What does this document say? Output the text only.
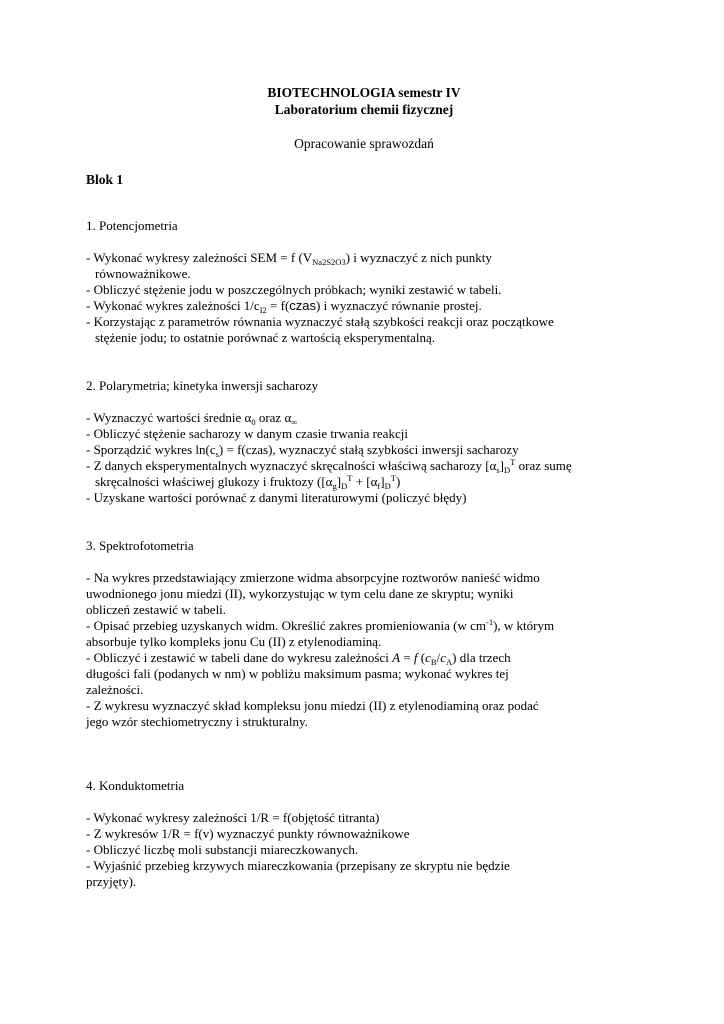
BIOTECHNOLOGIA semestr IV
Laboratorium chemii fizycznej
Opracowanie sprawozdań
Blok 1
1. Potencjometria
- Wykonać wykresy zależności SEM = f $(V_{Na2S2O3})$ i wyznaczyć z nich punkty
równoważnikowe.
- Obliczyć stężenie jodu w poszczególnych próbkach; wyniki zestawić w tabeli.
- Wykonać wykres zależności $1/c_{I2}$ = f(czas) i wyznaczyć równanie prostej.
- Korzystając z parametrów równania wyznaczyć stałą szybkości reakcji oraz początkowe
stężenie jodu; to ostatnie porównać z wartością eksperymentalną.
2. Polarymetria; kinetyka inwersji sacharozy
- Wyznaczyć wartości średnie $\alpha_0$ oraz $\alpha_\infty$
- Obliczyć stężenie sacharozy w danym czasie trwania reakcji
- Sporządzić wykres $\ln(c_s)$ = f(czas), wyznaczyć stałą szybkości inwersji sacharozy
- Z danych eksperymentalnych wyznaczyć skręcalności właściwą sacharozy $[\alpha_s]_D^T$ oraz sumę
skręcalności właściwej glukozy i fruktozy $([\alpha_g]_D^T + [\alpha_f]_D^T)$
- Uzyskane wartości porównać z danymi literaturowymi (policzyć błędy)
3. Spektrofotometria
- Na wykres przedstawiający zmierzone widma absorpcyjne roztworów nanieść widmo
uwodnionego jonu miedzi (II), wykorzystując w tym celu dane ze skryptu; wyniki
obliczeń zestawić w tabeli.
- Opisać przebieg uzyskanych widm. Określić zakres promieniowania (w $cm^{-1}$), w którym
absorbuje tylko kompleks jonu Cu (II) z etylenodiaminą.
- Obliczyć i zestawić w tabeli dane do wykresu zależności A = f $(c_B/c_A)$ dla trzech
długości fali (podanych w nm) w pobliżu maksimum pasma; wykonać wykres tej
zależności.
- Z wykresu wyznaczyć skład kompleksu jonu miedzi (II) z etylenodiaminą oraz podać
jego wzór stechiometryczny i strukturalny.
4. Konduktometria
- Wykonać wykresy zależności 1/R = f(objętość titranta)
- Z wykresów 1/R = f(v) wyznaczyć punkty równoważnikowe
- Obliczyć liczbę moli substancji miareczkowanych.
- Wyjaśnić przebieg krzywych miareczkowania (przepisany ze skryptu nie będzie
przyjęty).
